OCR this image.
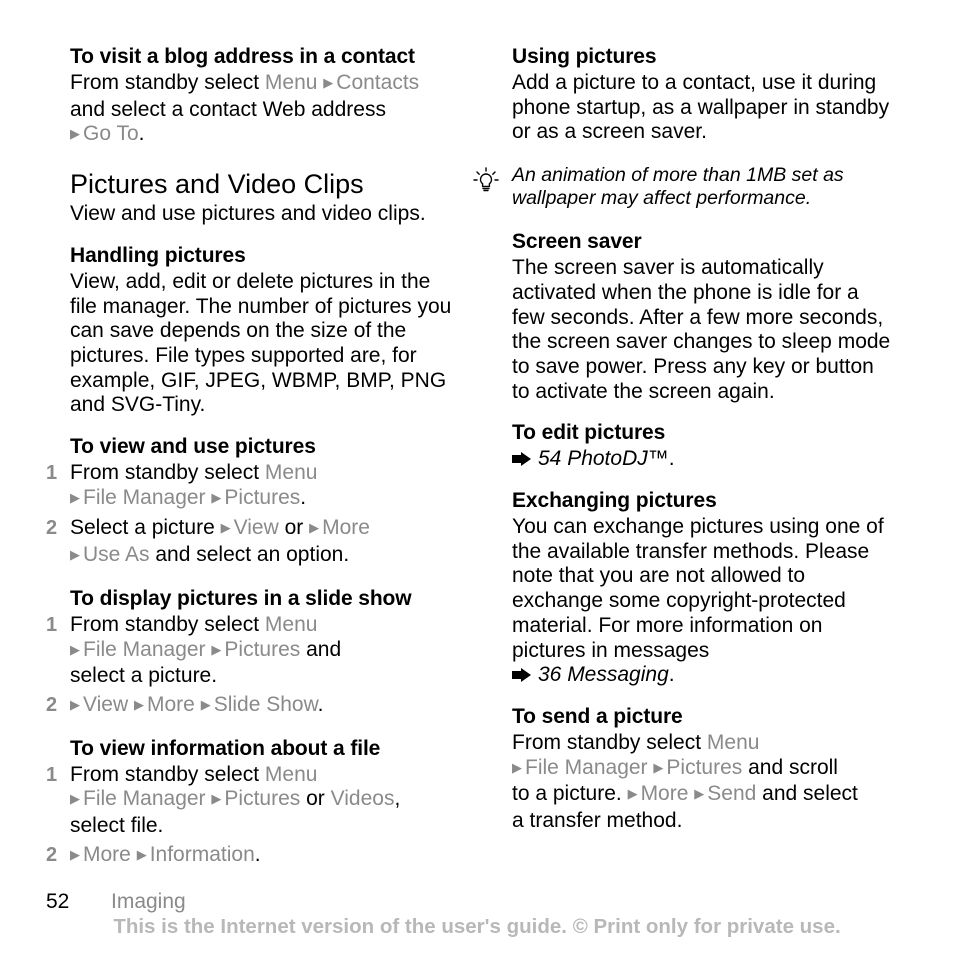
To visit a blog address in a contact

From standby select Menu ▶ Contacts
and select a contact Web address
▶ Go To.

Pictures and Video Clips

View and use pictures and video clips.

Handling pictures

View, add, edit or delete pictures in the file manager. The number of pictures you can save depends on the size of the pictures. File types supported are, for example, GIF, JPEG, WBMP, BMP, PNG and SVG-Tiny.

To view and use pictures

1 From standby select Menu
▶ File Manager ▶ Pictures.

2 Select a picture ▶ View or ▶ More
▶ Use As and select an option.

To display pictures in a slide show

1 From standby select Menu
▶ File Manager ▶ Pictures and
select a picture.

2 ▶ View ▶ More ▶ Slide Show.

To view information about a file

1 From standby select Menu
▶ File Manager ▶ Pictures or Videos,
select file.

2 ▶ More ▶ Information.

Using pictures

Add a picture to a contact, use it during phone startup, as a wallpaper in standby or as a screen saver.

An animation of more than 1MB set as wallpaper may affect performance.

Screen saver

The screen saver is automatically activated when the phone is idle for a few seconds. After a few more seconds, the screen saver changes to sleep mode to save power. Press any key or button to activate the screen again.

To edit pictures

54 PhotoDJ™.

Exchanging pictures

You can exchange pictures using one of the available transfer methods. Please note that you are not allowed to exchange some copyright-protected material. For more information on pictures in messages

36 Messaging.

To send a picture

From standby select Menu
▶ File Manager ▶ Pictures and scroll
to a picture. ▶ More ▶ Send and select
a transfer method.

52 Imaging
This is the Internet version of the user's guide. © Print only for private use.
